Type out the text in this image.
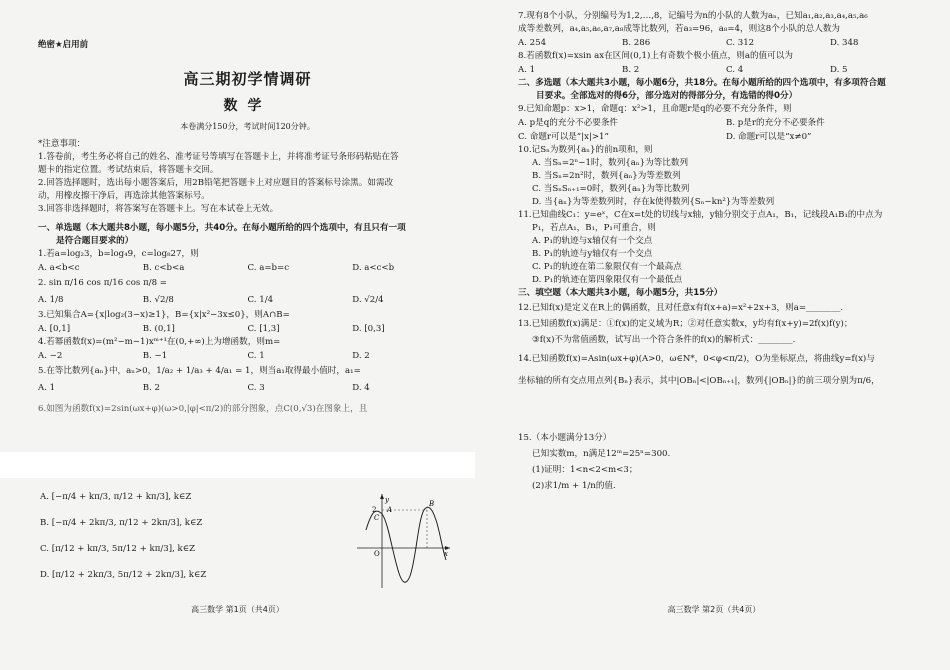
绝密★启用前
高三期初学情调研
数学
本卷满分150分，考试时间120分钟。
*注意事项：
1.答卷前，考生务必将自己的姓名、准考证号等填写在答题卡上，并将准考证号条形码粘贴在答
题卡的指定位置。考试结束后，将答题卡交回。
2.回答选择题时，选出每小题答案后，用2B铅笔把答题卡上对应题目的答案标号涂黑。如需改
动，用橡皮擦干净后，再选涂其他答案标号。
3.回答非选择题时，将答案写在答题卡上。写在本试卷上无效。
一、单选题（本大题共8小题，每小题5分，共40分。在每小题所给的四个选项中，有且只有一项
是符合题目要求的）
1.若a=log₂3，b=log₄9，c=log₈27，则
A. a<b<c	B. c<b<a	C. a=b=c	D. a<c<b
2. sin π/16 cos π/16 cos π/8 =
A. 1/8	B. √2/8	C. 1/4	D. √2/4
3.已知集合A={x|log₂(3−x)≥1}，B={x|x²−3x≤0}，则A∩B=
A. [0,1]	B. (0,1]	C. [1,3]	D. [0,3]
4.若幂函数f(x)=(m²−m−1)xᵐ⁺¹在(0,+∞)上为增函数，则m=
A. −2	B. −1	C. 1	D. 2
5.在等比数列{aₙ}中，aₙ>0，1/a₂ + 1/a₃ + 4/a₁ = 1，则当a₁取得最小值时，a₁=
A. 1	B. 2	C. 3	D. 4
6.如图为函数f(x)=2sin(ωx+φ)(ω>0,|φ|<π/2)的部分图象，点C(0,√3)在图象上，且
A. [−π/4 + kπ/3, π/12 + kπ/3], k∈Z
B. [−π/4 + 2kπ/3, π/12 + 2kπ/3], k∈Z
C. [π/12 + kπ/3, 5π/12 + kπ/3], k∈Z
D. [π/12 + 2kπ/3, 5π/12 + 2kπ/3], k∈Z
y
x
O
2
C
A
B
高三数学 第1页（共4页）
7.现有8个小队，分别编号为1,2,…,8，记编号为n的小队的人数为aₙ，已知a₁,a₂,a₃,a₄,a₅,a₆
成等差数列，a₄,a₅,a₆,a₇,a₈成等比数列，若a₃=96，a₈=4，则这8个小队的总人数为
A. 254	B. 286	C. 312	D. 348
8.若函数f(x)=xsin ax在区间(0,1)上有奇数个极小值点，则a的值可以为
A. 1	B. 2	C. 4	D. 5
二、多选题（本大题共3小题，每小题6分，共18分。在每小题所给的四个选项中，有多项符合题
目要求。全部选对的得6分，部分选对的得部分分，有选错的得0分）
9.已知命题p：x>1，命题q：x²>1，且命题r是q的必要不充分条件，则
A. p是q的充分不必要条件	B. p是r的充分不必要条件
C. 命题r可以是“|x|>1”	D. 命题r可以是“x≠0”
10.记Sₙ为数列{aₙ}的前n项和，则
A. 当Sₙ=2ⁿ−1时，数列{aₙ}为等比数列
B. 当Sₙ=2n²时，数列{aₙ}为等差数列
C. 当SₙSₙ₊₁=0时，数列{aₙ}为等比数列
D. 当{aₙ}为等差数列时，存在k使得数列{Sₙ−kn²}为等差数列
11.已知曲线C₁：y=eˣ，C在x=t处的切线与x轴，y轴分别交于点A₁，B₁，记线段A₁B₁的中点为
P₁，若点A₁，B₁，P₁可重合，则
A. P₁的轨迹与x轴仅有一个交点
B. P₁的轨迹与y轴仅有一个交点
C. P₁的轨迹在第二象限仅有一个最高点
D. P₁的轨迹在第四象限仅有一个最低点
三、填空题（本大题共3小题，每小题5分，共15分）
12.已知f(x)是定义在R上的偶函数，且对任意x有f(x+a)=x²+2x+3，则a=________.
13.已知函数f(x)满足：①f(x)的定义域为R；②对任意实数x，y均有f(x+y)=2f(x)f(y)；
③f(x)不为常值函数，试写出一个符合条件的f(x)的解析式：________.
14.已知函数f(x)=Asin(ωx+φ)(A>0，ω∈N*，0<φ<π/2)，O为坐标原点，将曲线y=f(x)与
坐标轴的所有交点用点列{Bₙ}表示，其中|OBₙ|<|OBₙ₊₁|，数列{|OBₙ|}的前三项分别为π/6，
15.（本小题满分13分）
已知实数m，n满足12ᵐ=25ⁿ=300.
(1)证明：1<n<2<m<3；
(2)求1/m + 1/n的值.
高三数学 第2页（共4页）
